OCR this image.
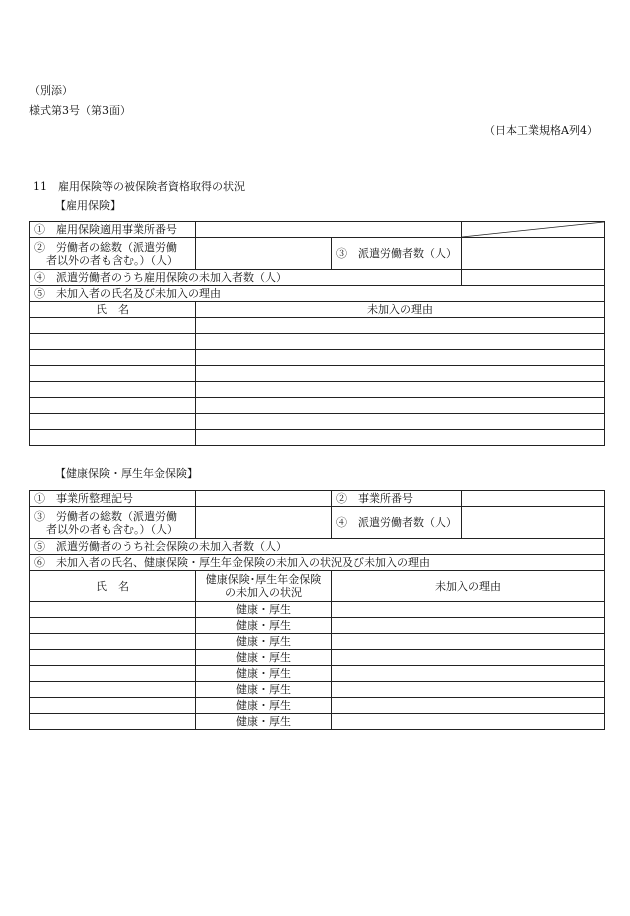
（別添）
様式第3号（第3面）
（日本工業規格A列4）
11　雇用保険等の被保険者資格取得の状況
【雇用保険】
①　雇用保険適用事業所番号		

②　労働者の総数（派遣労働
者以外の者も含む。）（人）		③　派遣労働者数（人）	
④　派遣労働者のうち雇用保険の未加入者数（人）			
⑤　未加入者の氏名及び未加入の理由			
氏　名	未加入の理由		

【健康保険・厚生年金保険】
①　事業所整理記号		②　事業所番号	

③　労働者の総数（派遣労働
者以外の者も含む。）（人）		④　派遣労働者数（人）	
⑤　派遣労働者のうち社会保険の未加入者数（人）			
⑥　未加入者の氏名、健康保険・厚生年金保険の未加入の状況及び未加入の理由			
氏　名	健康保険･厚生年金保険
の未加入の状況	未加入の理由	
	健康・厚生		
	健康・厚生		
	健康・厚生		
	健康・厚生		
	健康・厚生		
	健康・厚生		
	健康・厚生		
	健康・厚生		
